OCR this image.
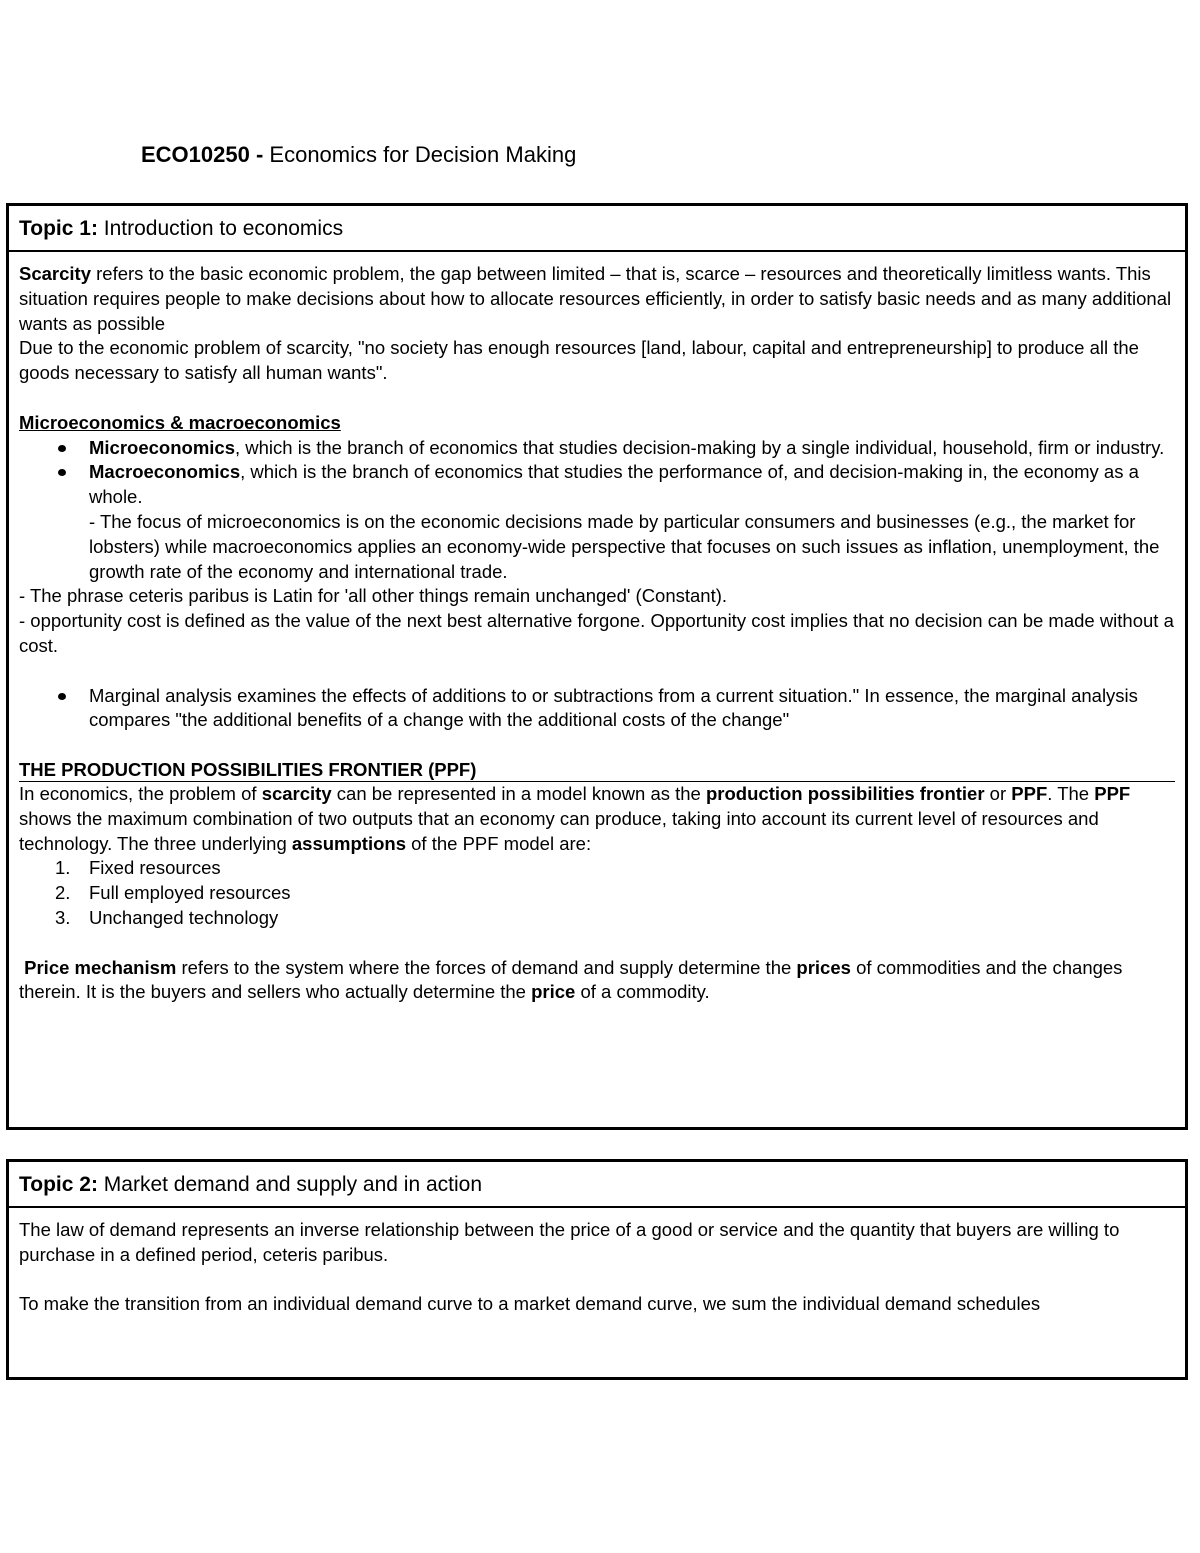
ECO10250 - Economics for Decision Making
Topic 1: Introduction to economics

Scarcity refers to the basic economic problem, the gap between limited – that is, scarce – resources and theoretically limitless wants. This situation requires people to make decisions about how to allocate resources efficiently, in order to satisfy basic needs and as many additional wants as possible

Due to the economic problem of scarcity, "no society has enough resources [land, labour, capital and entrepreneurship] to produce all the goods necessary to satisfy all human wants".

Microeconomics & macroeconomics

Microeconomics, which is the branch of economics that studies decision-making by a single individual, household, firm or industry.
Macroeconomics, which is the branch of economics that studies the performance of, and decision-making in, the economy as a whole.
- The focus of microeconomics is on the economic decisions made by particular consumers and businesses (e.g., the market for lobsters) while macroeconomics applies an economy-wide perspective that focuses on such issues as inflation, unemployment, the growth rate of the economy and international trade.

- The phrase ceteris paribus is Latin for 'all other things remain unchanged' (Constant).

- opportunity cost is defined as the value of the next best alternative forgone. Opportunity cost implies that no decision can be made without a cost.

Marginal analysis examines the effects of additions to or subtractions from a current situation." In essence, the marginal analysis compares "the additional benefits of a change with the additional costs of the change"

THE PRODUCTION POSSIBILITIES FRONTIER (PPF)

In economics, the problem of scarcity can be represented in a model known as the production possibilities frontier or PPF. The PPF shows the maximum combination of two outputs that an economy can produce, taking into account its current level of resources and technology. The three underlying assumptions of the PPF model are:

1. Fixed resources
2. Full employed resources
3. Unchanged technology

Price mechanism refers to the system where the forces of demand and supply determine the prices of commodities and the changes therein. It is the buyers and sellers who actually determine the price of a commodity.

Topic 2: Market demand and supply and in action

The law of demand represents an inverse relationship between the price of a good or service and the quantity that buyers are willing to purchase in a defined period, ceteris paribus.

To make the transition from an individual demand curve to a market demand curve, we sum the individual demand schedules
